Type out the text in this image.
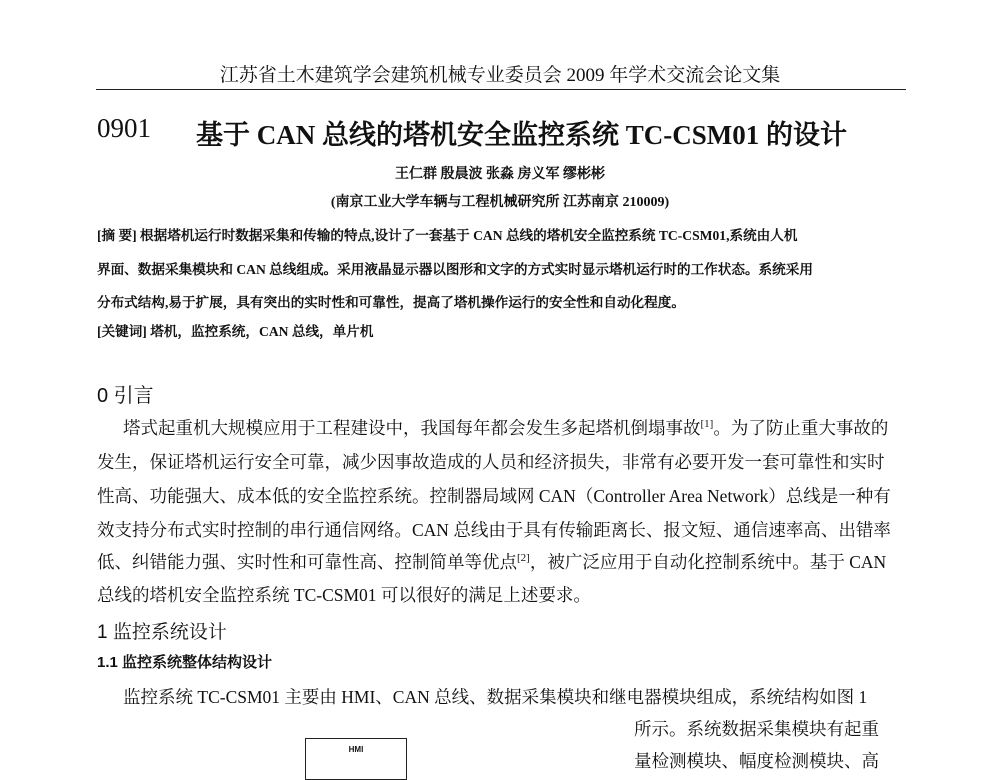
江苏省土木建筑学会建筑机械专业委员会 2009 年学术交流会论文集
0901 基于 CAN 总线的塔机安全监控系统 TC-CSM01 的设计
王仁群 殷晨波 张淼 房义军 缪彬彬
(南京工业大学车辆与工程机械研究所 江苏南京 210009)
[摘 要] 根据塔机运行时数据采集和传输的特点,设计了一套基于 CAN 总线的塔机安全监控系统 TC-CSM01,系统由人机
界面、数据采集模块和 CAN 总线组成。采用液晶显示器以图形和文字的方式实时显示塔机运行时的工作状态。系统采用
分布式结构,易于扩展，具有突出的实时性和可靠性，提高了塔机操作运行的安全性和自动化程度。
[关键词] 塔机，监控系统，CAN 总线，单片机
0 引言
塔式起重机大规模应用于工程建设中，我国每年都会发生多起塔机倒塌事故[1]。为了防止重大事故的
发生，保证塔机运行安全可靠，减少因事故造成的人员和经济损失，非常有必要开发一套可靠性和实时
性高、功能强大、成本低的安全监控系统。控制器局域网 CAN（Controller Area Network）总线是一种有
效支持分布式实时控制的串行通信网络。CAN 总线由于具有传输距离长、报文短、通信速率高、出错率
低、纠错能力强、实时性和可靠性高、控制简单等优点[2]，被广泛应用于自动化控制系统中。基于 CAN
总线的塔机安全监控系统 TC-CSM01 可以很好的满足上述要求。
1 监控系统设计
1.1 监控系统整体结构设计
监控系统 TC-CSM01 主要由 HMI、CAN 总线、数据采集模块和继电器模块组成，系统结构如图 1
所示。系统数据采集模块有起重
量检测模块、幅度检测模块、高
HMI
